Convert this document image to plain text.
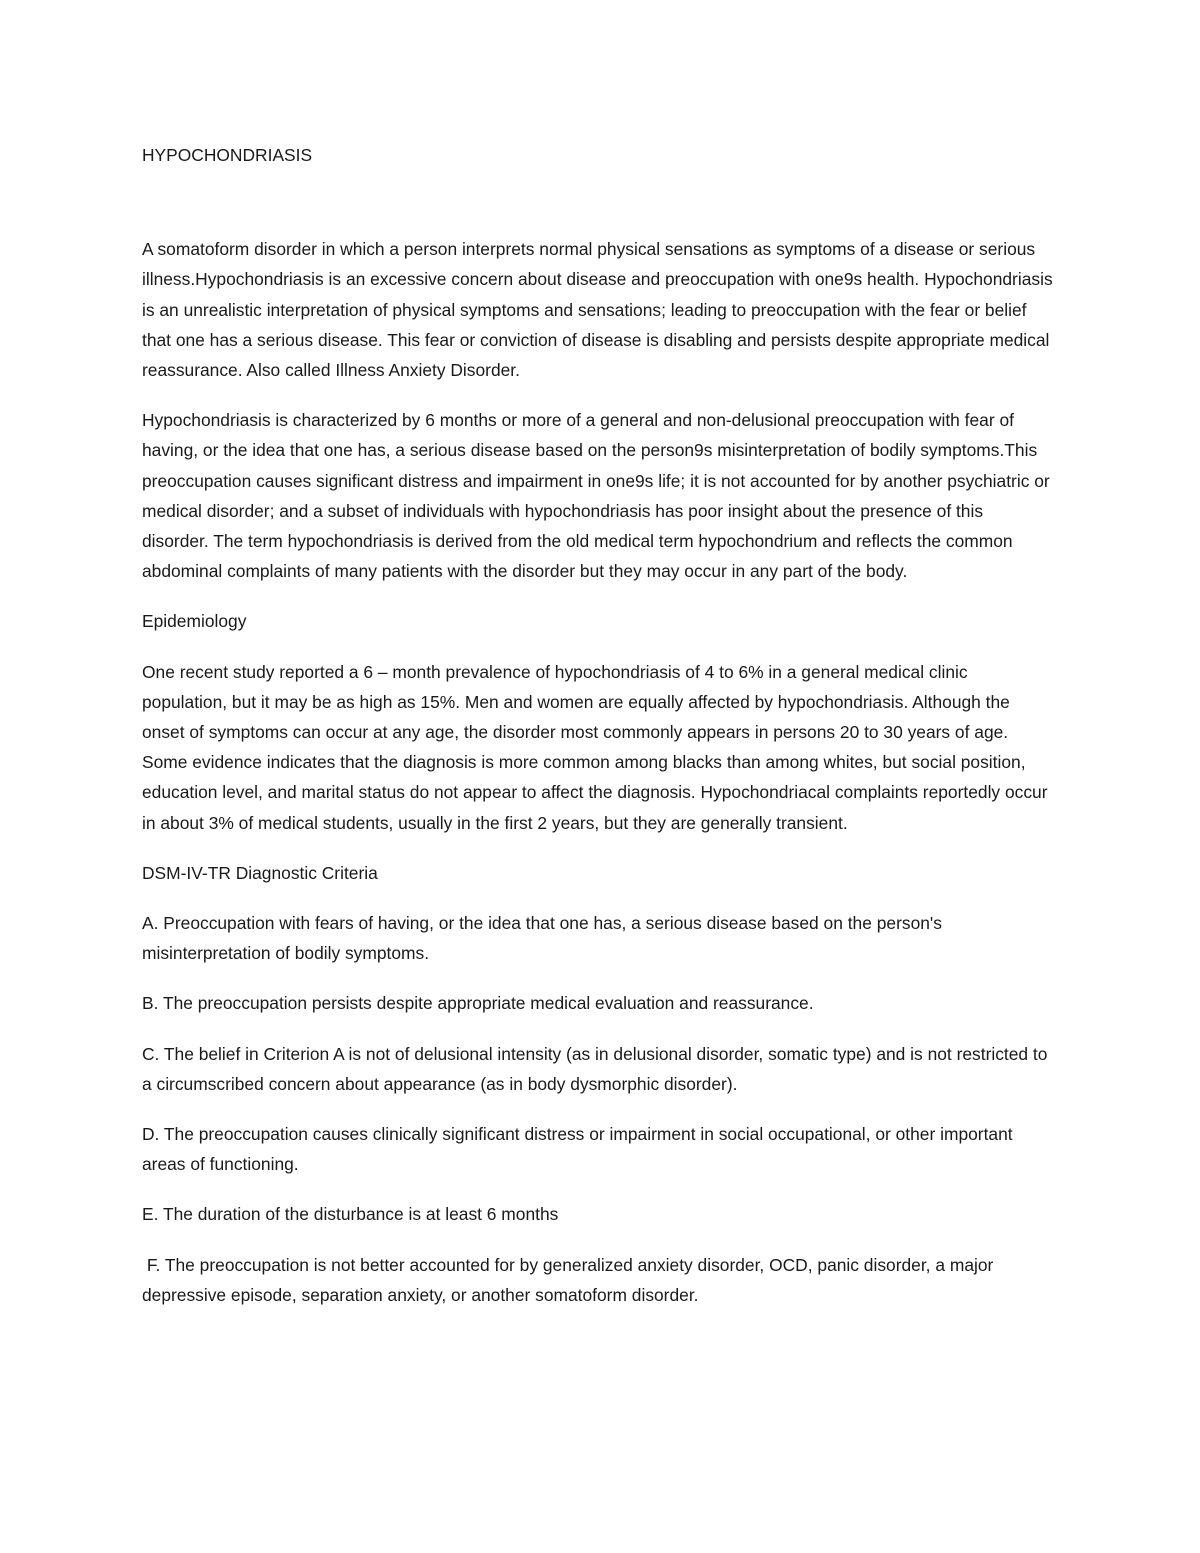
HYPOCHONDRIASIS

A somatoform disorder in which a person interprets normal physical sensations as symptoms of a disease or serious illness.Hypochondriasis is an excessive concern about disease and preoccupation with one9s health. Hypochondriasis is an unrealistic interpretation of physical symptoms and sensations; leading to preoccupation with the fear or belief that one has a serious disease. This fear or conviction of disease is disabling and persists despite appropriate medical reassurance. Also called Illness Anxiety Disorder.

Hypochondriasis is characterized by 6 months or more of a general and non-delusional preoccupation with fear of having, or the idea that one has, a serious disease based on the person9s misinterpretation of bodily symptoms.This preoccupation causes significant distress and impairment in one9s life; it is not accounted for by another psychiatric or medical disorder; and a subset of individuals with hypochondriasis has poor insight about the presence of this disorder. The term hypochondriasis is derived from the old medical term hypochondrium and reflects the common abdominal complaints of many patients with the disorder but they may occur in any part of the body.

Epidemiology

One recent study reported a 6 – month prevalence of hypochondriasis of 4 to 6% in a general medical clinic population, but it may be as high as 15%. Men and women are equally affected by hypochondriasis. Although the onset of symptoms can occur at any age, the disorder most commonly appears in persons 20 to 30 years of age. Some evidence indicates that the diagnosis is more common among blacks than among whites, but social position, education level, and marital status do not appear to affect the diagnosis. Hypochondriacal complaints reportedly occur in about 3% of medical students, usually in the first 2 years, but they are generally transient.

DSM-IV-TR Diagnostic Criteria

A. Preoccupation with fears of having, or the idea that one has, a serious disease based on the person's misinterpretation of bodily symptoms.

B. The preoccupation persists despite appropriate medical evaluation and reassurance.

C. The belief in Criterion A is not of delusional intensity (as in delusional disorder, somatic type) and is not restricted to a circumscribed concern about appearance (as in body dysmorphic disorder).

D. The preoccupation causes clinically significant distress or impairment in social occupational, or other important areas of functioning.

E. The duration of the disturbance is at least 6 months

F. The preoccupation is not better accounted for by generalized anxiety disorder, OCD, panic disorder, a major depressive episode, separation anxiety, or another somatoform disorder.
